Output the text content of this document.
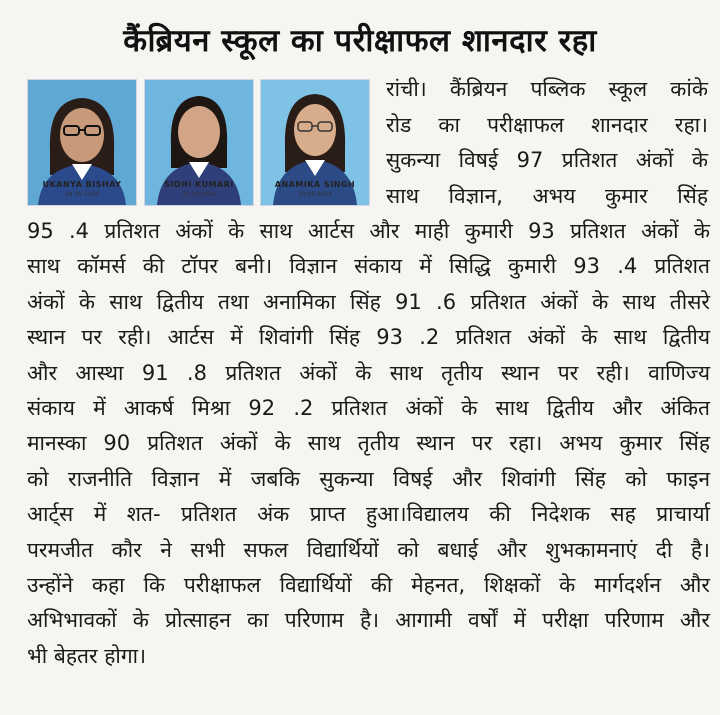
कैंब्रियन स्कूल का परीक्षाफल शानदार रहा
UKANYA BISHAY
20.09.2024
SIDHI KUMARI
20.09.2024
ANAMIKA SINGH
20.09.2024
रांची। कैंब्रियन पब्लिक स्कूल कांके
रोड का परीक्षाफल शानदार रहा।
सुकन्या विषई 97 प्रतिशत अंकों के
साथ विज्ञान, अभय कुमार सिंह
95 .4 प्रतिशत अंकों के साथ आर्टस और माही कुमारी 93 प्रतिशत अंकों के
साथ कॉमर्स की टॉपर बनी। विज्ञान संकाय में सिद्धि कुमारी 93 .4 प्रतिशत
अंकों के साथ द्वितीय तथा अनामिका सिंह 91 .6 प्रतिशत अंकों के साथ तीसरे
स्थान पर रही। आर्टस में शिवांगी सिंह 93 .2 प्रतिशत अंकों के साथ द्वितीय
और आस्था 91 .8 प्रतिशत अंकों के साथ तृतीय स्थान पर रही। वाणिज्य
संकाय में आकर्ष मिश्रा 92 .2 प्रतिशत अंकों के साथ द्वितीय और अंकित
मानस्का 90 प्रतिशत अंकों के साथ तृतीय स्थान पर रहा। अभय कुमार सिंह
को राजनीति विज्ञान में जबकि सुकन्या विषई और शिवांगी सिंह को फाइन
आर्ट्स में शत- प्रतिशत अंक प्राप्त हुआ।विद्यालय की निदेशक सह प्राचार्या
परमजीत कौर ने सभी सफल विद्यार्थियों को बधाई और शुभकामनाएं दी है।
उन्होंने कहा कि परीक्षाफल विद्यार्थियों की मेहनत, शिक्षकों के मार्गदर्शन और
अभिभावकों के प्रोत्साहन का परिणाम है। आगामी वर्षों में परीक्षा परिणाम और
भी बेहतर होगा।
